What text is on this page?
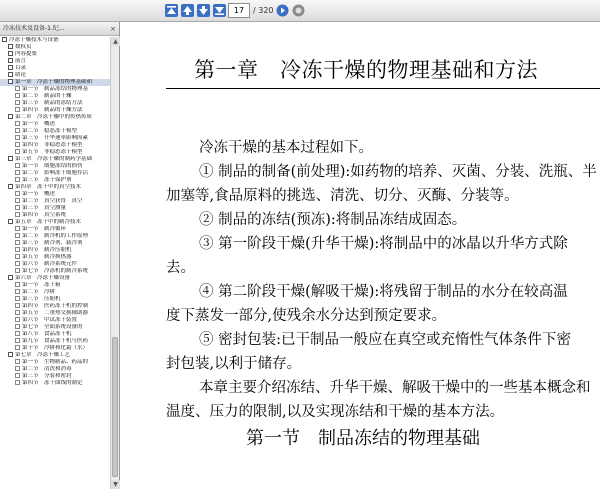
17
/ 320
冷冻技术及设备-1.纪...	×
冷冻干燥技术与设备
数权页
内容提要
前言
目录
绪论
第一章　冷冻干燥的物理基础和
第一节　制品冻结的物理基
第二节　制品的干燥
第三节　制品的冻结方法
第四节　制品的干燥方法
第二章　冷冻干燥中的传热传质
第一节　概述
第二节　稳态冻干模型
第三节　升华速率影响因素
第四节　非稳态冻干模型
第五节　非稳态冻干模型
第三章　冷冻干燥的制药学基础
第一节　细胞冻结的损伤
第二节　影响冻干细胞存活
第三节　冻干保护剂
第四章　冻干中的真空技术
第一节　概述
第二节　真空获得　真空
第三节　真空测量
第四节　真空系统
第五章　冻干中的制冷技术
第一节　制冷循环
第二节　制冷机的工作原理
第三节　制冷剂、载冷剂
第四节　制冷压缩机
第五节　制冷换热器
第六节　制冷系统元件
第七节　冷冻机的制冷系统
第六章　冷冻干燥设备
第一节　冻干箱
第二节　冷阱
第三节　压缩机
第四节　医药冻干机的控制
第五节　二重热交换辅助器
第六节　中试冻干装置
第七节　全面系统设备的
第八节　食品冻干机
第九节　食品冻干机与医药
第十节　冷阱和化霜（水）
第七章　冷冻干燥工艺
第一节　生物制品、药品的
第二节　清洗和消毒
第三节　分装和密封
第四节　冻干曲线的制定
▲
▼
第一章　冷冻干燥的物理基础和方法
冷冻干燥的基本过程如下。
① 制品的制备(前处理):如药物的培养、灭菌、分装、洗瓶、半
加塞等,食品原料的挑选、清洗、切分、灭酶、分装等。
② 制品的冻结(预冻):将制品冻结成固态。
③ 第一阶段干燥(升华干燥):将制品中的冰晶以升华方式除
去。
④ 第二阶段干燥(解吸干燥):将残留于制品的水分在较高温
度下蒸发一部分,使残余水分达到预定要求。
⑤ 密封包装:已干制品一般应在真空或充惰性气体条件下密
封包装,以利于储存。
本章主要介绍冻结、升华干燥、解吸干燥中的一些基本概念和
温度、压力的限制,以及实现冻结和干燥的基本方法。
第一节　制品冻结的物理基础
